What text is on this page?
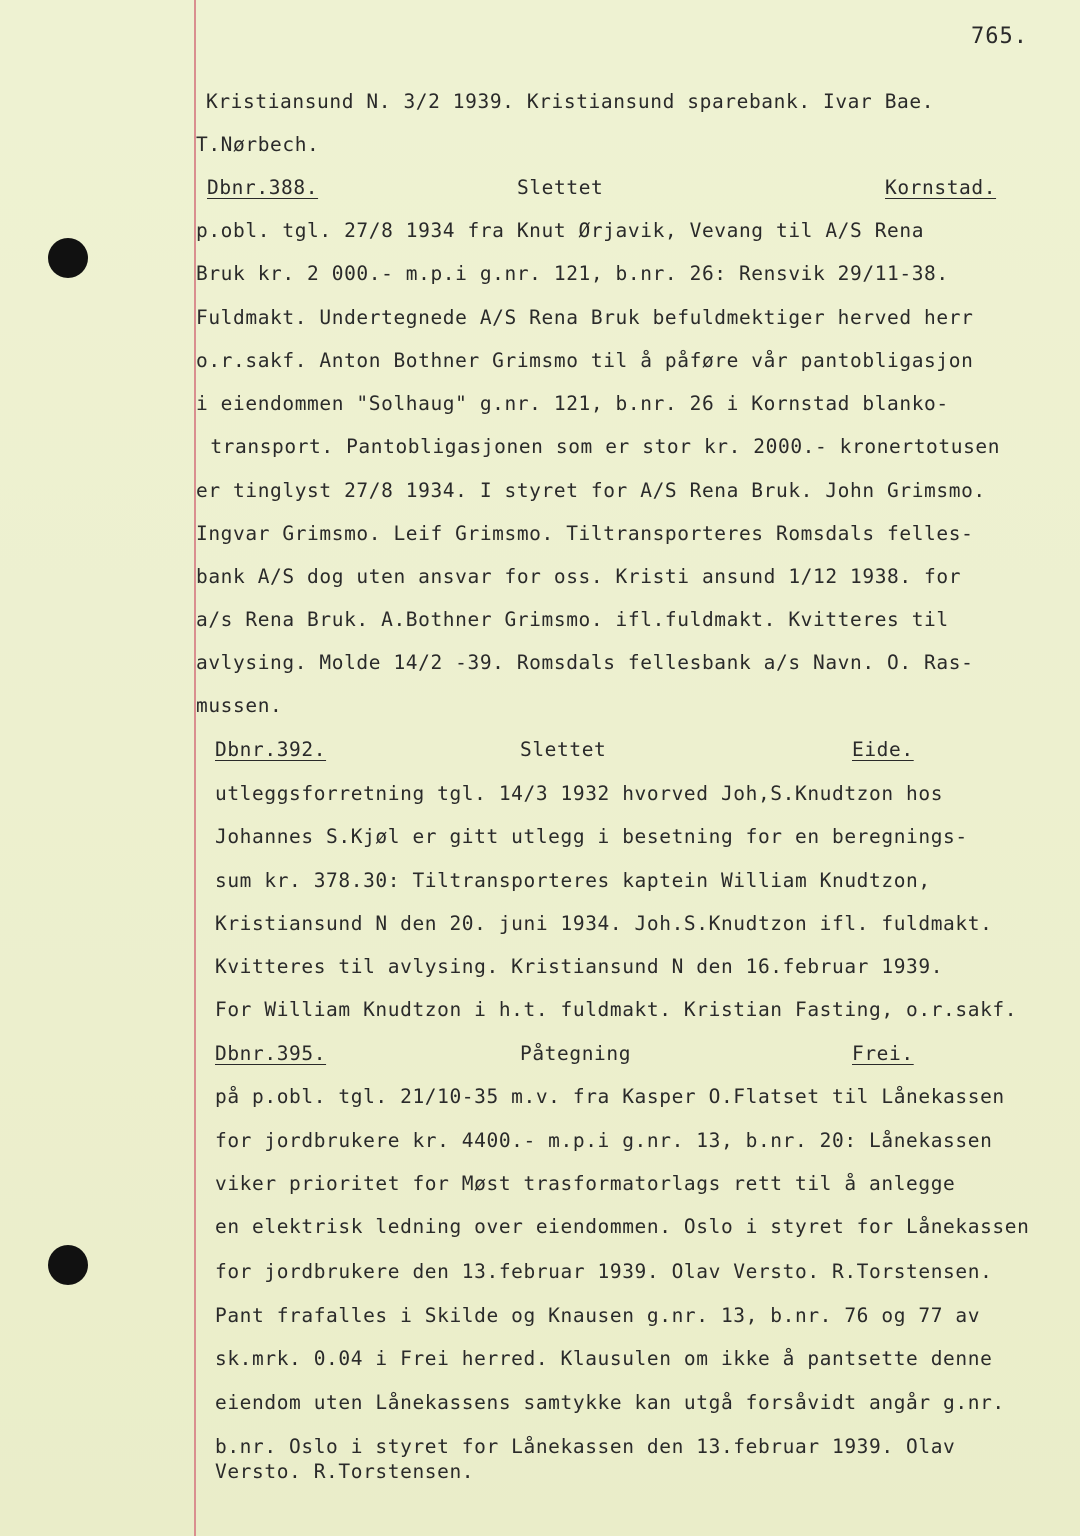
765.
Kristiansund N. 3/2 1939. Kristiansund sparebank. Ivar Bae.
T.Nørbech.
Dbnr.388.	Slettet	Kornstad.
p.obl. tgl. 27/8 1934 fra Knut Ørjavik, Vevang til A/S Rena
Bruk kr. 2 000.- m.p.i g.nr. 121, b.nr. 26: Rensvik 29/11-38.
Fuldmakt. Undertegnede A/S Rena Bruk befuldmektiger herved herr
o.r.sakf. Anton Bothner Grimsmo til å påføre vår pantobligasjon
i eiendommen "Solhaug" g.nr. 121, b.nr. 26 i Kornstad blanko-
transport. Pantobligasjonen som er stor kr. 2000.- kronertotusen
er tinglyst 27/8 1934. I styret for A/S Rena Bruk. John Grimsmo.
Ingvar Grimsmo. Leif Grimsmo. Tiltransporteres Romsdals felles-
bank A/S dog uten ansvar for oss. Kristi ansund 1/12 1938. for
a/s Rena Bruk. A.Bothner Grimsmo. ifl.fuldmakt. Kvitteres til
avlysing. Molde 14/2 -39. Romsdals fellesbank a/s Navn. O. Ras-
mussen.
Dbnr.392.	Slettet	Eide.
utleggsforretning tgl. 14/3 1932 hvorved Joh,S.Knudtzon hos
Johannes S.Kjøl er gitt utlegg i besetning for en beregnings-
sum kr. 378.30: Tiltransporteres kaptein William Knudtzon,
Kristiansund N den 20. juni 1934. Joh.S.Knudtzon ifl. fuldmakt.
Kvitteres til avlysing. Kristiansund N den 16.februar 1939.
For William Knudtzon i h.t. fuldmakt. Kristian Fasting, o.r.sakf.
Dbnr.395.	Påtegning	Frei.
på p.obl. tgl. 21/10-35 m.v. fra Kasper O.Flatset til Lånekassen
for jordbrukere kr. 4400.- m.p.i g.nr. 13, b.nr. 20: Lånekassen
viker prioritet for Møst trasformatorlags rett til å anlegge
en elektrisk ledning over eiendommen. Oslo i styret for Lånekassen
for jordbrukere den 13.februar 1939. Olav Versto. R.Torstensen.
Pant frafalles i Skilde og Knausen g.nr. 13, b.nr. 76 og 77 av
sk.mrk. 0.04 i Frei herred. Klausulen om ikke å pantsette denne
eiendom uten Lånekassens samtykke kan utgå forsåvidt angår g.nr.
b.nr. Oslo i styret for Lånekassen den 13.februar 1939. Olav
Versto. R.Torstensen.
